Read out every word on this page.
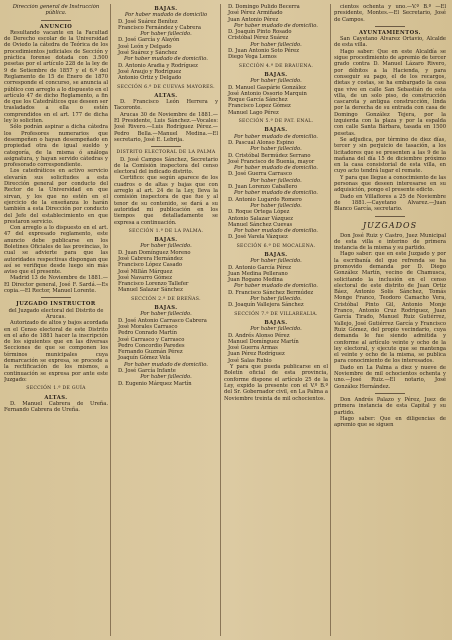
Dirección general de Instrucción pública.

ANUNCIO

Resultando vacante en la Facultad de Derecho escolar de la Universidad de Oviedo la cátedra de Teórica de los procedimientos judiciales de Sección y práctica forense dotada con 3.500 pesetas por el artículo 228 de la ley de 9 de Setiembre de 1857 y el 6.º del Reglamento de 15 de Enero de 1870 corresponde el concurso, se anuncia al público con arreglo a lo dispuesto en el artículo 47 de dicho Reglamento, a fin de que los Catedráticos que deseen ser trasladados a ella o estén comprendidos en el art. 177 de dicha ley lo soliciten.

Sólo podrán aspirar a dicha cátedra los Profesores numerarios que desempeñen o hayan desempeñado en propiedad otra de igual sueldo y categoría, de la misma ó análoga asignatura, y hayan servido cátedras y profesorado correspondiente.

Los catedráticos en activo servicio elevarán sus solicitudes a esta Dirección general por conducto del Rector de la Universidad en que sirvan, y los que no estén en el ejercicio de la enseñanza lo harán también a esta Dirección por conducto del Jefe del establecimiento en que prestaron servicio.

Con arreglo a lo dispuesto en el art. 47 del expresado reglamento, este anuncio debe publicarse en los Boletines Oficiales de las provincias, lo cual se advierte para que las autoridades respectivas dispongan que así se verifique desde luego sin más aviso que el presente.

Madrid 13 de Noviembre de 1881.—El Director general, José F. Sardá.—Es copia.—El Rector, Manuel Lorente.

JUZGADO INSTRUCTOR

del Juzgado electoral del Distrito de Arucas.

Autorizado de altos y bajos acordada en el Censo electoral de este Distrito en el año de 1881 hacer la inscripción de los siguientes que en las diversas Secciones de que se componen los términos municipales cuya demarcación se expresa, se procede a la rectificación de los mismos, a continuación se expresa por ante este Juzgado:

SECCIÓN 1.ª DE GUÍA

ALTAS.

D. Manuel Cabrera de Ureña. Fernando Cabrera de Ureña.

BAJAS.

Por haber mudado de domicilio

D. José Suárez Benítez

Francisco Fernández y Cabrera

Por haber fallecido.

D. José García y Alayón

José León y Delgado

José Suárez y Sánchez

Por haber mudado de domicilio.

D. Antonio Aradia y Rodríguez

José Araujo y Rodríguez

Antonio Ortiz y Delgado

SECCIÓN 6.ª DE CUEVAS MAYORES.

ALTAS.

D. Francisco León Herrera y Tacoronte.

Arucas 30 de Noviembre de 1881.—El Presidente, Luis Sánchez.—Vocales: José Rivero.—Luis Rodríguez Pérez.—Pedro Bella.—Manuel Medina.—El secretario, José E. Lebrija.

DISTRITO ELECTORAL DE LA PALMA

D. José Campos Sánchez, Secretario de la Comisión inspectora del censo electoral del indicado distrito.

Certifico: que según aparece de los cuadros o de altas y bajas que con arreglo al art. 24 de la Ley, lleva la comisión inspectora de que fue y al tenor de su contenido, se dará a su autoridad mi publicación en los tiempos que detalladamente se expresa a continuación.

SECCIÓN 1.ª DE LA PALMA.

BAJAS.

Por haber fallecido.

D. Juan Domínguez Moreno

José Cabrera Hernández

Francisco López Casado

José Millán Márquez

José Navarro Gómez

Francisco Lorenzo Tallefer

Manuel Salazar Sánchez

SECCIÓN 2.ª DE BREÑAS.

BAJAS.

Por haber fallecido.

D. José Antonio Carrasco Cabrera

José Morales Carrasco

Pedro Conrado Martín

José Carrasco y Carrasco

Pedro Concordio Paredes

Fernando Guzmán Pérez

Joaquín Gómez Vela

Por haber mudado de domicilio.

D. José García Infante

Por haber fallecido.

D. Eugenio Márquez Martín

D. Domingo Pulido Becerra

José Pérez Armiñado

Juan Antonio Pérez

Por haber mudado de domicilio.

D. Joaquín Pinto Rosado

Cristóbal Pérez Suárez

Por haber fallecido.

D. Juan Antonio Soto Pérez

Diego Vega Lemos

SECCIÓN 4.ª DE BRAUENA.

BAJAS.

Por haber fallecido.

D. Manuel Gaspárie González

José Antonio Ossorio Marquin

Roque García Sánchez

Francisco Lopez Gómez

Manuel Lago Pérez

SECCIÓN 5.ª DE PAT. ENAL.

BAJAS.

Por haber mudado de domicilio.

D. Pascual Alonso Espino

Por haber fallecido.

D. Cristóbal Bermúdez Serrano

José Francisco de Buenía, mayor

Por haber mudado de domicilio.

D. José Guerra Carrasco

Por haber fallecido.

D. Juan Lorenzo Caballero

Por haber mudado de domicilio.

D. Antonio Lugardo Romero

Por haber fallecido.

D. Roque Ortega López

Antonio Salazar Vázquez

Manuel Sánchez Cuevas

Por haber mudado de domicilio.

D. José Varela Vázquez

SECCIÓN 6.ª DE MOCALENA.

BAJAS.

Por haber fallecido.

D. Antonio García Pérez

Juan Medina Pellerano

Juan Rogano Medina

Por haber mudado de domicilio.

D. Francisco Sánchez Bermúdez

Por haber fallecido.

D. Joaquín Vallejera Sánchez

SECCIÓN 7.ª DE VILLAREALIA.

BAJAS.

Por haber fallecido.

D. Andrés Alonso Pérez

Manuel Domínguez Martín

José Guerra Armas

Juan Pérez Rodríguez

José Salas Rubio

Y para que pueda publicarse en el Boletín oficial de esta provincia, conforme dispone el artículo 25 de la Ley, expido la presente con el V.º B.º del Sr. Gobernador civil, en La Palma a Noviembre treinta de mil ochocientos.

cientos ochenta y uno.—V.º B.º —El presidente, Montes.—El Secretario, José de Campos.

AYUNTAMIENTOS.

San Cayetano Alvarez Ortavio, Alcalde de esta villa.

Hago saber: Que en este Alcaldía se sigue procedimiento de apremio de tercer grado contra D. Manuel Lázaro Rivero, por débitos a la Hacienda, y para conseguir su pago, el de los recargos, dietas y costas, se ha embargado la casa que vive en calle San Sebastián de esta villa, de un solo piso, de construcción cascarota y antigua construcción, linda por la derecha de su entrada con casa de Domingo González Tejera, por la izquierda con la plaza y por la espalda con calle Santa Bárbara, tasada en 1500 pesetas.

Se adjudica, por término de diez días, tercer y sin perjuicio de tasación, a los licitadores que se presenten a las 9 de la mañana del día 15 de diciembre próximo en la casa consistorial de esta villa, en cuyo acto tendrá lugar el remate.

Y para que llegue a conocimiento de las personas que deseen interesarse en su adquisición, pongo el presente edicto.

Dado en Villaflores a 25 de Noviembre de 1881.—Cayetano Alvarez.—Juan Blanco García, secretario.

JUZGADOS

Don José Ruiz y Castro, Juez Municipal de esta villa e interino de primera instancia de la misma y su partido.

Hago saber: que en este Juzgado y por la escribanía del que refrenda se ha promovido demanda por D. Diego González Martín, vecino de Chamusca, solicitando la inclusión en el censo electoral de este distrito de Juan Ortiz Báez, Antonio Solís Sánchez, Tomás Monge Franco, Teodoro Camacho Vera, Cristóbal Pinto Gil, Antonio Monje Franco, Antonio Cruz Rodríguez, Juan García Tirado, Manuel Ruiz Gutiérrez, Vallejo, José Gutiérrez García y Francisco Ruiz Gómez, del propio vecindario, cuya demanda le fue siendo admitida y conforme al artículo veinte y ocho de la ley electoral, y ejecute que se mantenga el veinte y ocho de la misma, se publica para conocimiento de los interesados.

Dado en La Palma a diez y nueve de Noviembre de mil ochocientos ochenta y uno.—José Ruiz.—El notario, José González Hernández.

Don Andrés Palazo y Pérez, Juez de primera instancia de esta Capital y su partido.

Hago saber: Que en diligencias de apremio que se siguen
